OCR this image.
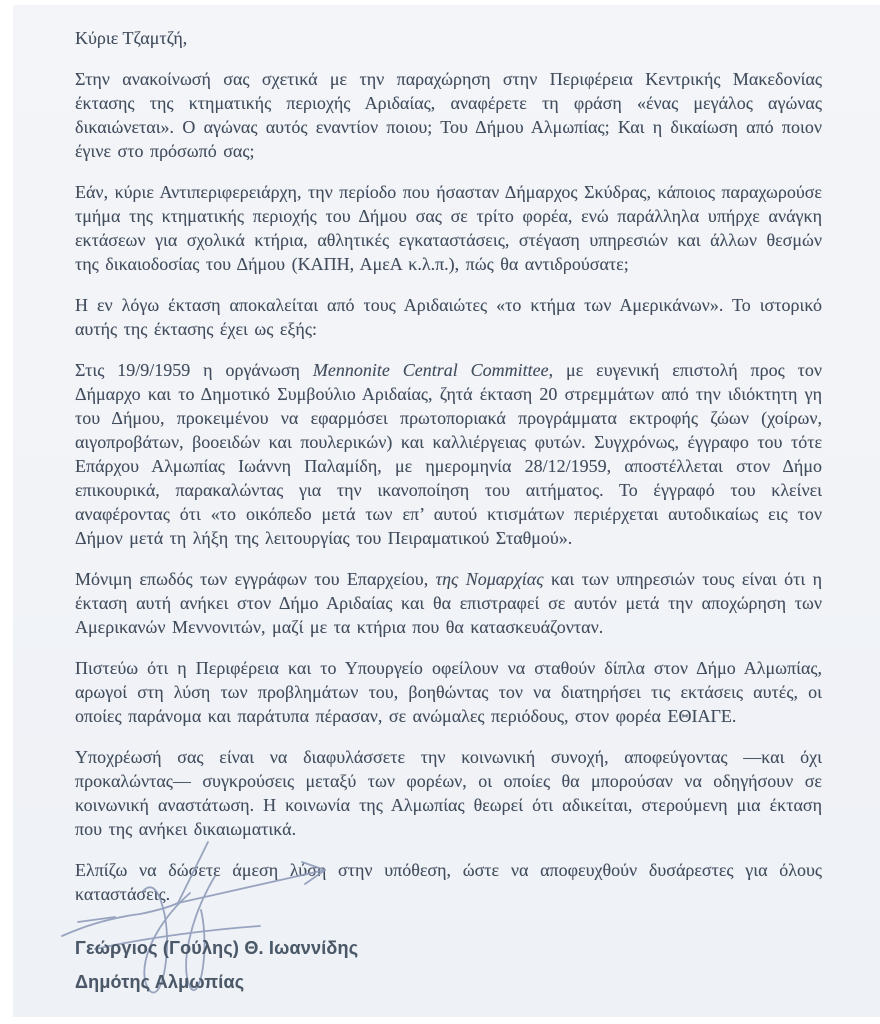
Κύριε Τζαμτζή,

Στην ανακοίνωσή σας σχετικά με την παραχώρηση στην Περιφέρεια Κεντρικής Μακεδονίας έκτασης της κτηματικής περιοχής Αριδαίας, αναφέρετε τη φράση «ένας μεγάλος αγώνας δικαιώνεται». Ο αγώνας αυτός εναντίον ποιου; Του Δήμου Αλμωπίας; Και η δικαίωση από ποιον έγινε στο πρόσωπό σας;

Εάν, κύριε Αντιπεριφερειάρχη, την περίοδο που ήσασταν Δήμαρχος Σκύδρας, κάποιος παραχωρούσε τμήμα της κτηματικής περιοχής του Δήμου σας σε τρίτο φορέα, ενώ παράλληλα υπήρχε ανάγκη εκτάσεων για σχολικά κτήρια, αθλητικές εγκαταστάσεις, στέγαση υπηρεσιών και άλλων θεσμών της δικαιοδοσίας του Δήμου (ΚΑΠΗ, ΑμεΑ κ.λ.π.), πώς θα αντιδρούσατε;

Η εν λόγω έκταση αποκαλείται από τους Αριδαιώτες «το κτήμα των Αμερικάνων». Το ιστορικό αυτής της έκτασης έχει ως εξής:

Στις 19/9/1959 η οργάνωση Mennonite Central Committee, με ευγενική επιστολή προς τον Δήμαρχο και το Δημοτικό Συμβούλιο Αριδαίας, ζητά έκταση 20 στρεμμάτων από την ιδιόκτητη γη του Δήμου, προκειμένου να εφαρμόσει πρωτοποριακά προγράμματα εκτροφής ζώων (χοίρων, αιγοπροβάτων, βοοειδών και πουλερικών) και καλλιέργειας φυτών. Συγχρόνως, έγγραφο του τότε Επάρχου Αλμωπίας Ιωάννη Παλαμίδη, με ημερομηνία 28/12/1959, αποστέλλεται στον Δήμο επικουρικά, παρακαλώντας για την ικανοποίηση του αιτήματος. Το έγγραφό του κλείνει αναφέροντας ότι «το οικόπεδο μετά των επ’ αυτού κτισμάτων περιέρχεται αυτοδικαίως εις τον Δήμον μετά τη λήξη της λειτουργίας του Πειραματικού Σταθμού».

Μόνιμη επωδός των εγγράφων του Επαρχείου, της Νομαρχίας και των υπηρεσιών τους είναι ότι η έκταση αυτή ανήκει στον Δήμο Αριδαίας και θα επιστραφεί σε αυτόν μετά την αποχώρηση των Αμερικανών Μεννονιτών, μαζί με τα κτήρια που θα κατασκευάζονταν.

Πιστεύω ότι η Περιφέρεια και το Υπουργείο οφείλουν να σταθούν δίπλα στον Δήμο Αλμωπίας, αρωγοί στη λύση των προβλημάτων του, βοηθώντας τον να διατηρήσει τις εκτάσεις αυτές, οι οποίες παράνομα και παράτυπα πέρασαν, σε ανώμαλες περιόδους, στον φορέα ΕΘΙΑΓΕ.

Υποχρέωσή σας είναι να διαφυλάσσετε την κοινωνική συνοχή, αποφεύγοντας —και όχι προκαλώντας— συγκρούσεις μεταξύ των φορέων, οι οποίες θα μπορούσαν να οδηγήσουν σε κοινωνική αναστάτωση. Η κοινωνία της Αλμωπίας θεωρεί ότι αδικείται, στερούμενη μια έκταση που της ανήκει δικαιωματικά.

Ελπίζω να δώσετε άμεση λύση στην υπόθεση, ώστε να αποφευχθούν δυσάρεστες για όλους καταστάσεις.

Γεώργιος (Γούλης) Θ. Ιωαννίδης
Δημότης Αλμωπίας
